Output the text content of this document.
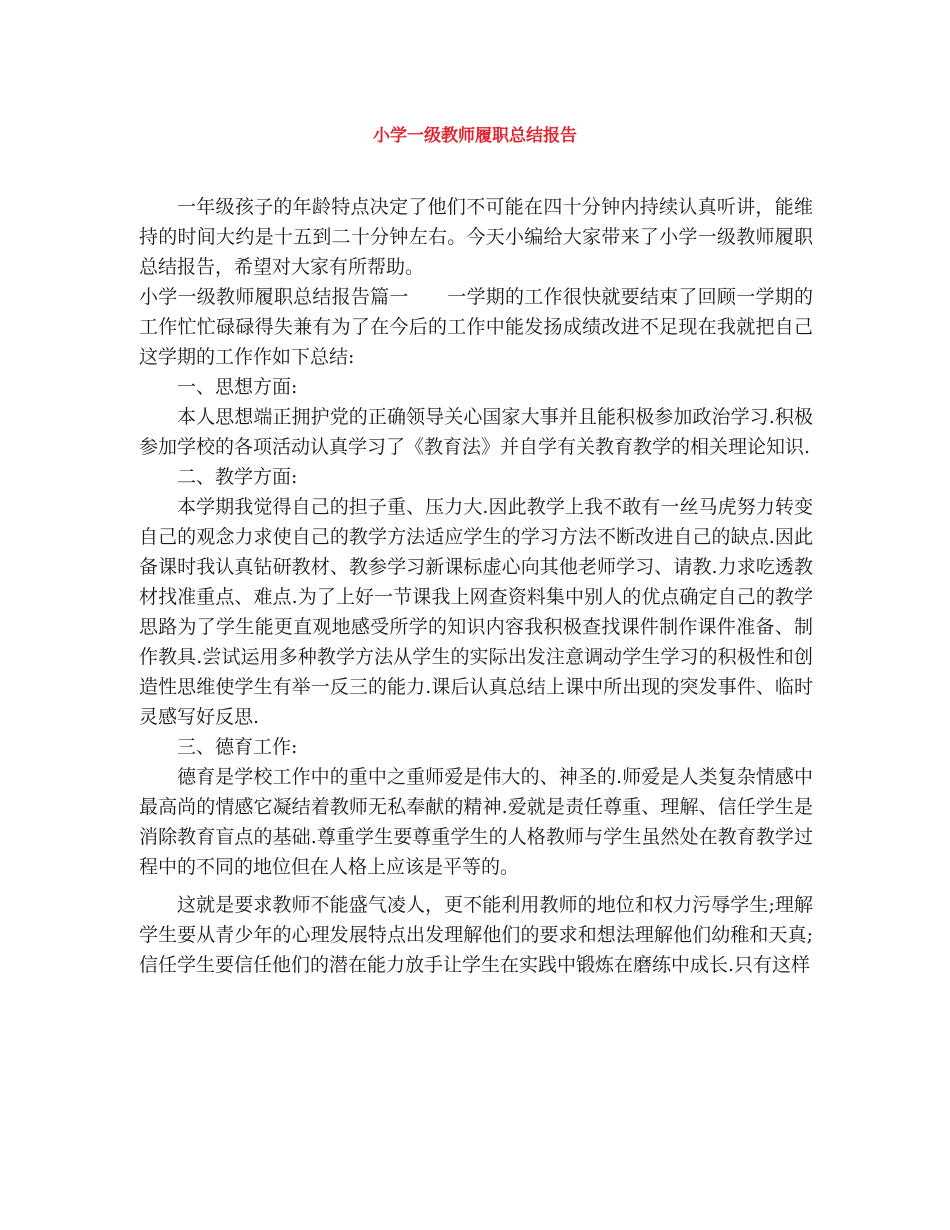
小学一级教师履职总结报告

一年级孩子的年龄特点决定了他们不可能在四十分钟内持续认真听讲，能维持的时间大约是十五到二十分钟左右。今天小编给大家带来了小学一级教师履职总结报告，希望对大家有所帮助。

小学一级教师履职总结报告篇一　　一学期的工作很快就要结束了回顾一学期的工作忙忙碌碌得失兼有为了在今后的工作中能发扬成绩改进不足现在我就把自己这学期的工作作如下总结:

一、思想方面:

本人思想端正拥护党的正确领导关心国家大事并且能积极参加政治学习.积极参加学校的各项活动认真学习了《教育法》并自学有关教育教学的相关理论知识.

二、教学方面:

本学期我觉得自己的担子重、压力大.因此教学上我不敢有一丝马虎努力转变自己的观念力求使自己的教学方法适应学生的学习方法不断改进自己的缺点.因此备课时我认真钻研教材、教参学习新课标虚心向其他老师学习、请教.力求吃透教材找准重点、难点.为了上好一节课我上网查资料集中别人的优点确定自己的教学思路为了学生能更直观地感受所学的知识内容我积极查找课件制作课件准备、制作教具.尝试运用多种教学方法从学生的实际出发注意调动学生学习的积极性和创造性思维使学生有举一反三的能力.课后认真总结上课中所出现的突发事件、临时灵感写好反思.

三、德育工作:

德育是学校工作中的重中之重师爱是伟大的、神圣的.师爱是人类复杂情感中最高尚的情感它凝结着教师无私奉献的精神.爱就是责任尊重、理解、信任学生是消除教育盲点的基础.尊重学生要尊重学生的人格教师与学生虽然处在教育教学过程中的不同的地位但在人格上应该是平等的。

这就是要求教师不能盛气凌人，更不能利用教师的地位和权力污辱学生;理解学生要从青少年的心理发展特点出发理解他们的要求和想法理解他们幼稚和天真;信任学生要信任他们的潜在能力放手让学生在实践中锻炼在磨练中成长.只有这样
